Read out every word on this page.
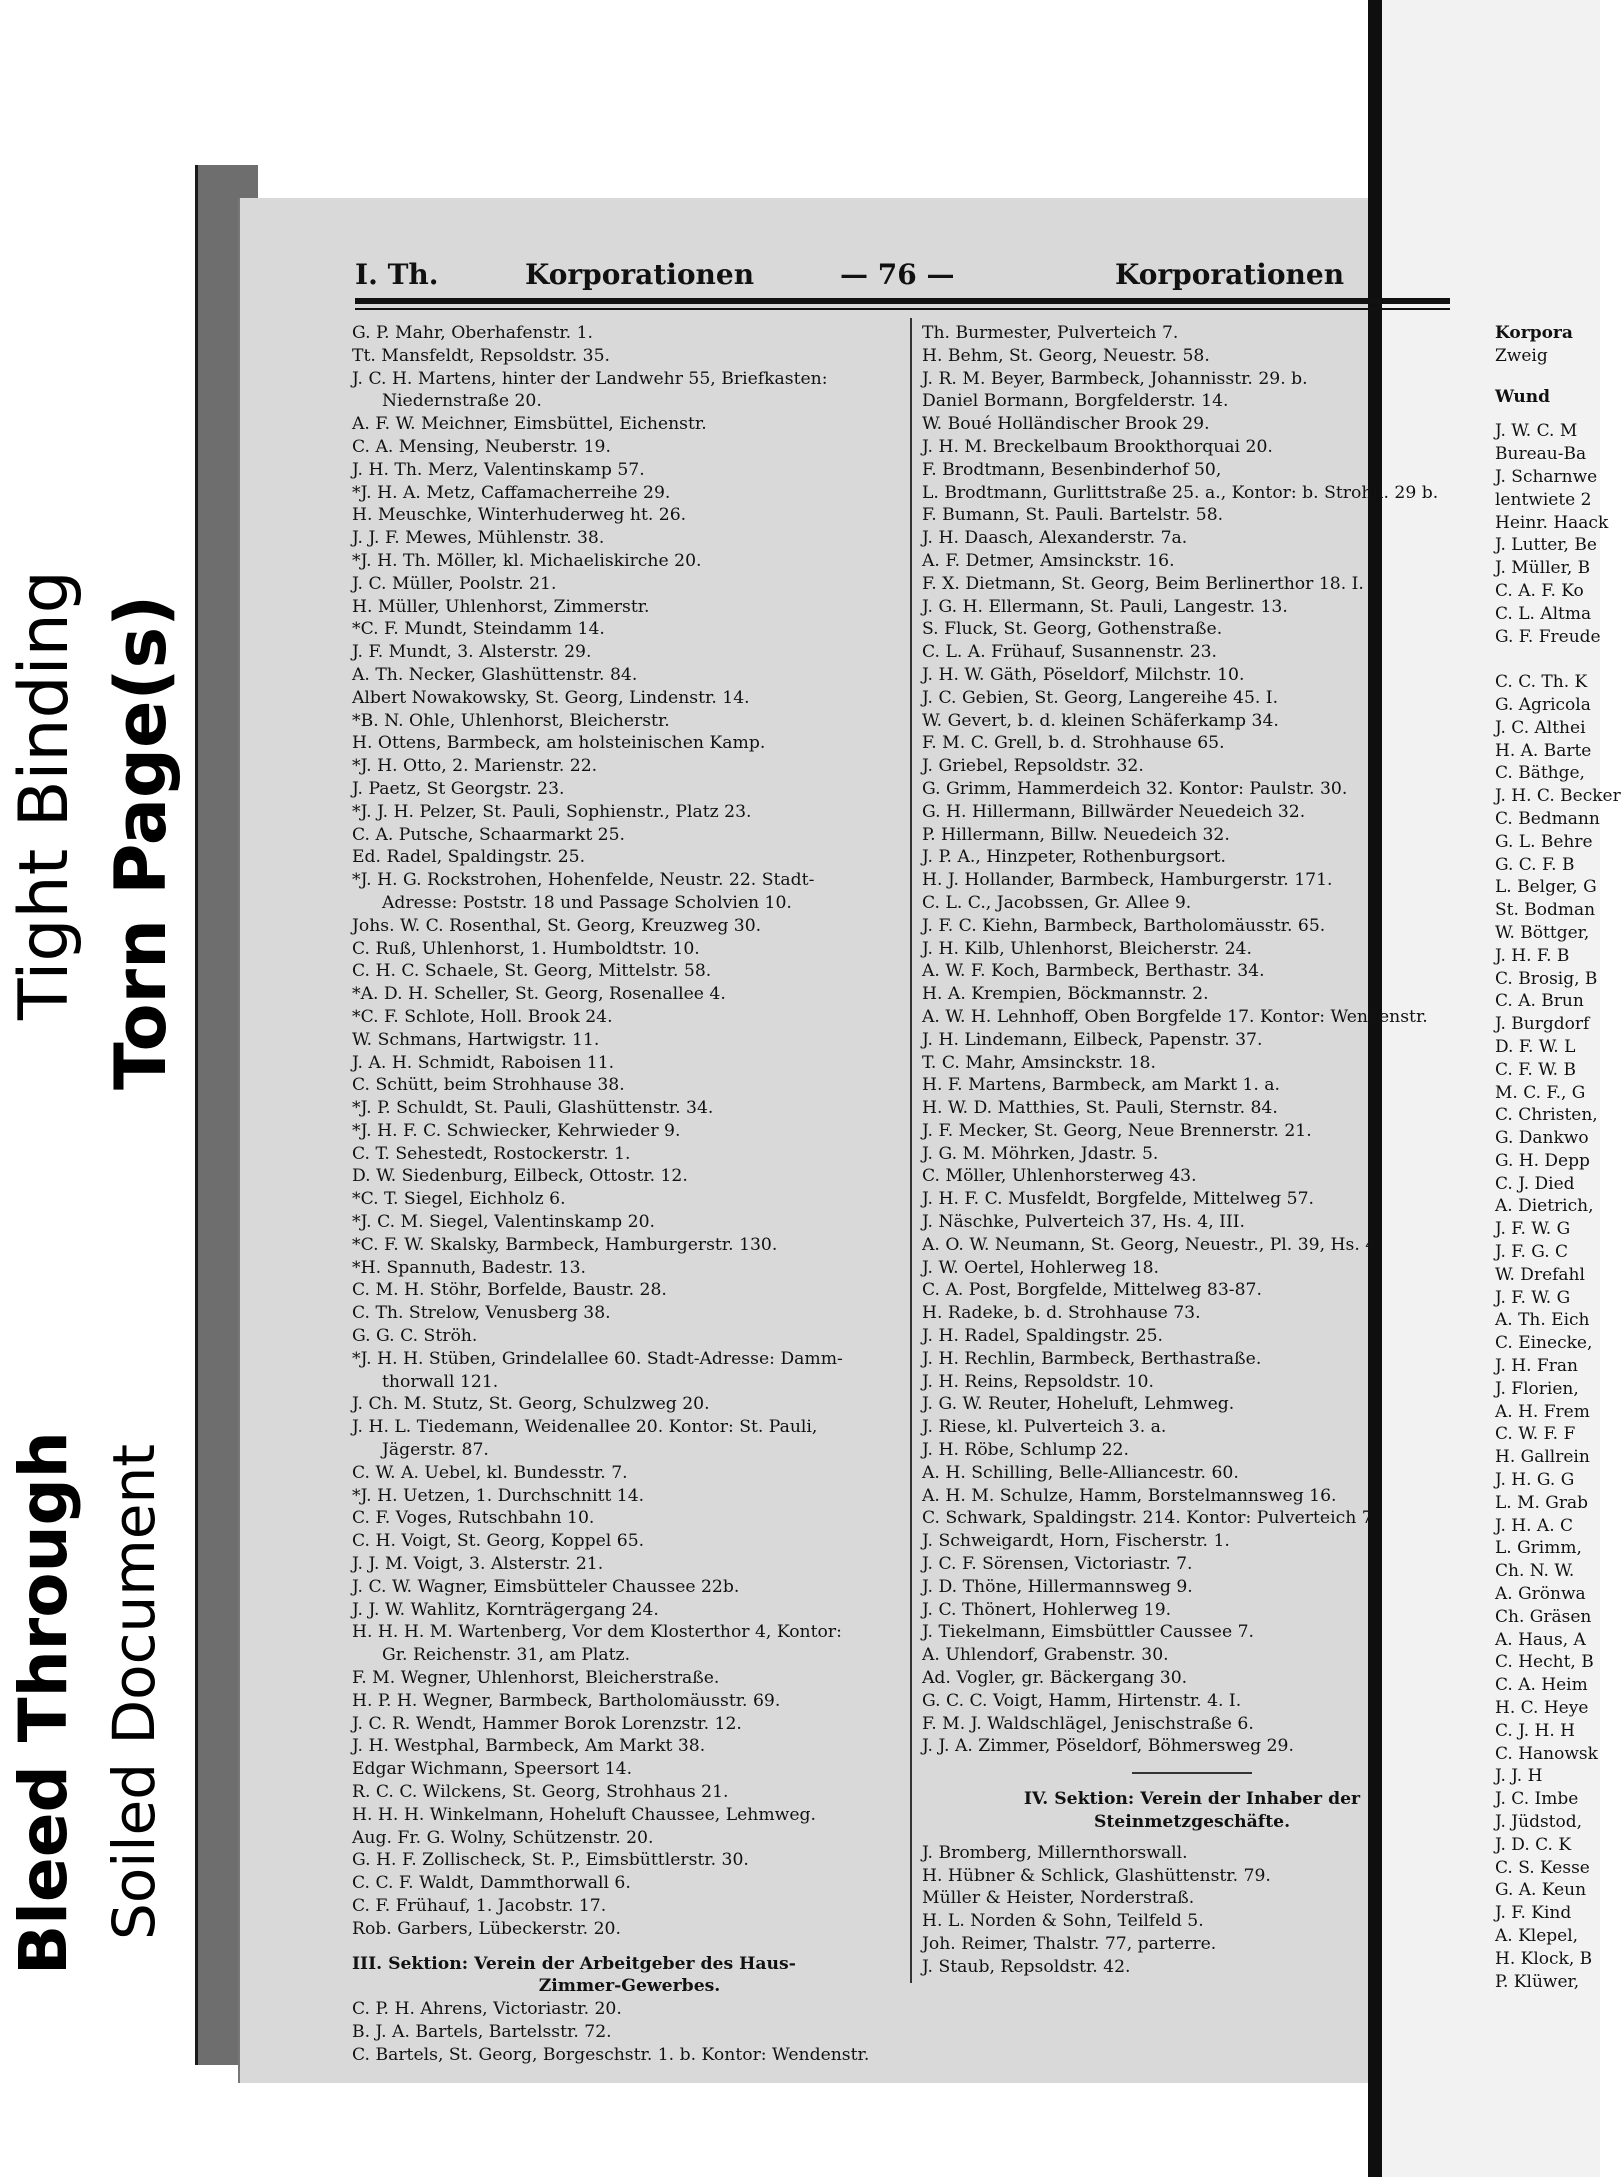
Tight Binding Torn Page(s)
Bleed Through Soiled Document
I. Th.	Korporationen	— 76 —	Korporationen
G. P. Mahr, Oberhafenstr. 1.
Tt. Mansfeldt, Repsoldstr. 35.
J. C. H. Martens, hinter der Landwehr 55, Briefkasten:
Niedernstraße 20.
A. F. W. Meichner, Eimsbüttel, Eichenstr.
C. A. Mensing, Neuberstr. 19.
J. H. Th. Merz, Valentinskamp 57.
*J. H. A. Metz, Caffamacherreihe 29.
H. Meuschke, Winterhuderweg ht. 26.
J. J. F. Mewes, Mühlenstr. 38.
*J. H. Th. Möller, kl. Michaeliskirche 20.
J. C. Müller, Poolstr. 21.
H. Müller, Uhlenhorst, Zimmerstr.
*C. F. Mundt, Steindamm 14.
J. F. Mundt, 3. Alsterstr. 29.
A. Th. Necker, Glashüttenstr. 84.
Albert Nowakowsky, St. Georg, Lindenstr. 14.
*B. N. Ohle, Uhlenhorst, Bleicherstr.
H. Ottens, Barmbeck, am holsteinischen Kamp.
*J. H. Otto, 2. Marienstr. 22.
J. Paetz, St Georgstr. 23.
*J. J. H. Pelzer, St. Pauli, Sophienstr., Platz 23.
C. A. Putsche, Schaarmarkt 25.
Ed. Radel, Spaldingstr. 25.
*J. H. G. Rockstrohen, Hohenfelde, Neustr. 22. Stadt-
Adresse: Poststr. 18 und Passage Scholvien 10.
Johs. W. C. Rosenthal, St. Georg, Kreuzweg 30.
C. Ruß, Uhlenhorst, 1. Humboldtstr. 10.
C. H. C. Schaele, St. Georg, Mittelstr. 58.
*A. D. H. Scheller, St. Georg, Rosenallee 4.
*C. F. Schlote, Holl. Brook 24.
W. Schmans, Hartwigstr. 11.
J. A. H. Schmidt, Raboisen 11.
C. Schütt, beim Strohhause 38.
*J. P. Schuldt, St. Pauli, Glashüttenstr. 34.
*J. H. F. C. Schwiecker, Kehrwieder 9.
C. T. Sehestedt, Rostockerstr. 1.
D. W. Siedenburg, Eilbeck, Ottostr. 12.
*C. T. Siegel, Eichholz 6.
*J. C. M. Siegel, Valentinskamp 20.
*C. F. W. Skalsky, Barmbeck, Hamburgerstr. 130.
*H. Spannuth, Badestr. 13.
C. M. H. Stöhr, Borfelde, Baustr. 28.
C. Th. Strelow, Venusberg 38.
G. G. C. Ströh.
*J. H. H. Stüben, Grindelallee 60. Stadt-Adresse: Damm-
thorwall 121.
J. Ch. M. Stutz, St. Georg, Schulzweg 20.
J. H. L. Tiedemann, Weidenallee 20. Kontor: St. Pauli,
Jägerstr. 87.
C. W. A. Uebel, kl. Bundesstr. 7.
*J. H. Uetzen, 1. Durchschnitt 14.
C. F. Voges, Rutschbahn 10.
C. H. Voigt, St. Georg, Koppel 65.
J. J. M. Voigt, 3. Alsterstr. 21.
J. C. W. Wagner, Eimsbütteler Chaussee 22b.
J. J. W. Wahlitz, Kornträgergang 24.
H. H. H. M. Wartenberg, Vor dem Klosterthor 4, Kontor:
Gr. Reichenstr. 31, am Platz.
F. M. Wegner, Uhlenhorst, Bleicherstraße.
H. P. H. Wegner, Barmbeck, Bartholomäusstr. 69.
J. C. R. Wendt, Hammer Borok Lorenzstr. 12.
J. H. Westphal, Barmbeck, Am Markt 38.
Edgar Wichmann, Speersort 14.
R. C. C. Wilckens, St. Georg, Strohhaus 21.
H. H. H. Winkelmann, Hoheluft Chaussee, Lehmweg.
Aug. Fr. G. Wolny, Schützenstr. 20.
G. H. F. Zollischeck, St. P., Eimsbüttlerstr. 30.
C. C. F. Waldt, Dammthorwall 6.
C. F. Frühauf, 1. Jacobstr. 17.
Rob. Garbers, Lübeckerstr. 20.
III. Sektion: Verein der Arbeitgeber des Haus-
Zimmer-Gewerbes.
C. P. H. Ahrens, Victoriastr. 20.
B. J. A. Bartels, Bartelsstr. 72.
C. Bartels, St. Georg, Borgeschstr. 1. b. Kontor: Wendenstr.
Th. Burmester, Pulverteich 7.
H. Behm, St. Georg, Neuestr. 58.
J. R. M. Beyer, Barmbeck, Johannisstr. 29. b.
Daniel Bormann, Borgfelderstr. 14.
W. Boué Holländischer Brook 29.
J. H. M. Breckelbaum Brookthorquai 20.
F. Brodtmann, Besenbinderhof 50,
L. Brodtmann, Gurlittstraße 25. a., Kontor: b. Strohh. 29 b.
F. Bumann, St. Pauli. Bartelstr. 58.
J. H. Daasch, Alexanderstr. 7a.
A. F. Detmer, Amsinckstr. 16.
F. X. Dietmann, St. Georg, Beim Berlinerthor 18. I.
J. G. H. Ellermann, St. Pauli, Langestr. 13.
S. Fluck, St. Georg, Gothenstraße.
C. L. A. Frühauf, Susannenstr. 23.
J. H. W. Gäth, Pöseldorf, Milchstr. 10.
J. C. Gebien, St. Georg, Langereihe 45. I.
W. Gevert, b. d. kleinen Schäferkamp 34.
F. M. C. Grell, b. d. Strohhause 65.
J. Griebel, Repsoldstr. 32.
G. Grimm, Hammerdeich 32. Kontor: Paulstr. 30.
G. H. Hillermann, Billwärder Neuedeich 32.
P. Hillermann, Billw. Neuedeich 32.
J. P. A., Hinzpeter, Rothenburgsort.
H. J. Hollander, Barmbeck, Hamburgerstr. 171.
C. L. C., Jacobssen, Gr. Allee 9.
J. F. C. Kiehn, Barmbeck, Bartholomäusstr. 65.
J. H. Kilb, Uhlenhorst, Bleicherstr. 24.
A. W. F. Koch, Barmbeck, Berthastr. 34.
H. A. Krempien, Böckmannstr. 2.
A. W. H. Lehnhoff, Oben Borgfelde 17. Kontor: Wendenstr.
J. H. Lindemann, Eilbeck, Papenstr. 37.
T. C. Mahr, Amsinckstr. 18.
H. F. Martens, Barmbeck, am Markt 1. a.
H. W. D. Matthies, St. Pauli, Sternstr. 84.
J. F. Mecker, St. Georg, Neue Brennerstr. 21.
J. G. M. Möhrken, Jdastr. 5.
C. Möller, Uhlenhorsterweg 43.
J. H. F. C. Musfeldt, Borgfelde, Mittelweg 57.
J. Näschke, Pulverteich 37, Hs. 4, III.
A. O. W. Neumann, St. Georg, Neuestr., Pl. 39, Hs. 4.
J. W. Oertel, Hohlerweg 18.
C. A. Post, Borgfelde, Mittelweg 83-87.
H. Radeke, b. d. Strohhause 73.
J. H. Radel, Spaldingstr. 25.
J. H. Rechlin, Barmbeck, Berthastraße.
J. H. Reins, Repsoldstr. 10.
J. G. W. Reuter, Hoheluft, Lehmweg.
J. Riese, kl. Pulverteich 3. a.
J. H. Röbe, Schlump 22.
A. H. Schilling, Belle-Alliancestr. 60.
A. H. M. Schulze, Hamm, Borstelmannsweg 16.
C. Schwark, Spaldingstr. 214. Kontor: Pulverteich 7.
J. Schweigardt, Horn, Fischerstr. 1.
J. C. F. Sörensen, Victoriastr. 7.
J. D. Thöne, Hillermannsweg 9.
J. C. Thönert, Hohlerweg 19.
J. Tiekelmann, Eimsbüttler Caussee 7.
A. Uhlendorf, Grabenstr. 30.
Ad. Vogler, gr. Bäckergang 30.
G. C. C. Voigt, Hamm, Hirtenstr. 4. I.
F. M. J. Waldschlägel, Jenischstraße 6.
J. J. A. Zimmer, Pöseldorf, Böhmersweg 29.
IV. Sektion: Verein der Inhaber der
Steinmetzgeschäfte.
J. Bromberg, Millernthorswall.
H. Hübner & Schlick, Glashüttenstr. 79.
Müller & Heister, Norderstraß.
H. L. Norden & Sohn, Teilfeld 5.
Joh. Reimer, Thalstr. 77, parterre.
J. Staub, Repsoldstr. 42.
Korpora
Zweig
Wund
J. W. C. M
Bureau-Ba
J. Scharnwe
lentwiete 2
Heinr. Haack
J. Lutter, Be
J. Müller, B
C. A. F. Ko
C. L. Altma
G. F. Freude

C. C. Th. K
G. Agricola
J. C. Althei
H. A. Barte
C. Bäthge,
J. H. C. Becker
C. Bedmann
G. L. Behre
G. C. F. B
L. Belger, G
St. Bodman
W. Böttger,
J. H. F. B
C. Brosig, B
C. A. Brun
J. Burgdorf
D. F. W. L
C. F. W. B
M. C. F., G
C. Christen,
G. Dankwo
G. H. Depp
C. J. Died
A. Dietrich,
J. F. W. G
J. F. G. C
W. Drefahl
J. F. W. G
A. Th. Eich
C. Einecke,
J. H. Fran
J. Florien,
A. H. Frem
C. W. F. F
H. Gallrein
J. H. G. G
L. M. Grab
J. H. A. C
L. Grimm,
Ch. N. W.
A. Grönwa
Ch. Gräsen
A. Haus, A
C. Hecht, B
C. A. Heim
H. C. Heye
C. J. H. H
C. Hanowsk
J. J. H
J. C. Imbe
J. Jüdstod,
J. D. C. K
C. S. Kesse
G. A. Keun
J. F. Kind
A. Klepel,
H. Klock, B
P. Klüwer,
